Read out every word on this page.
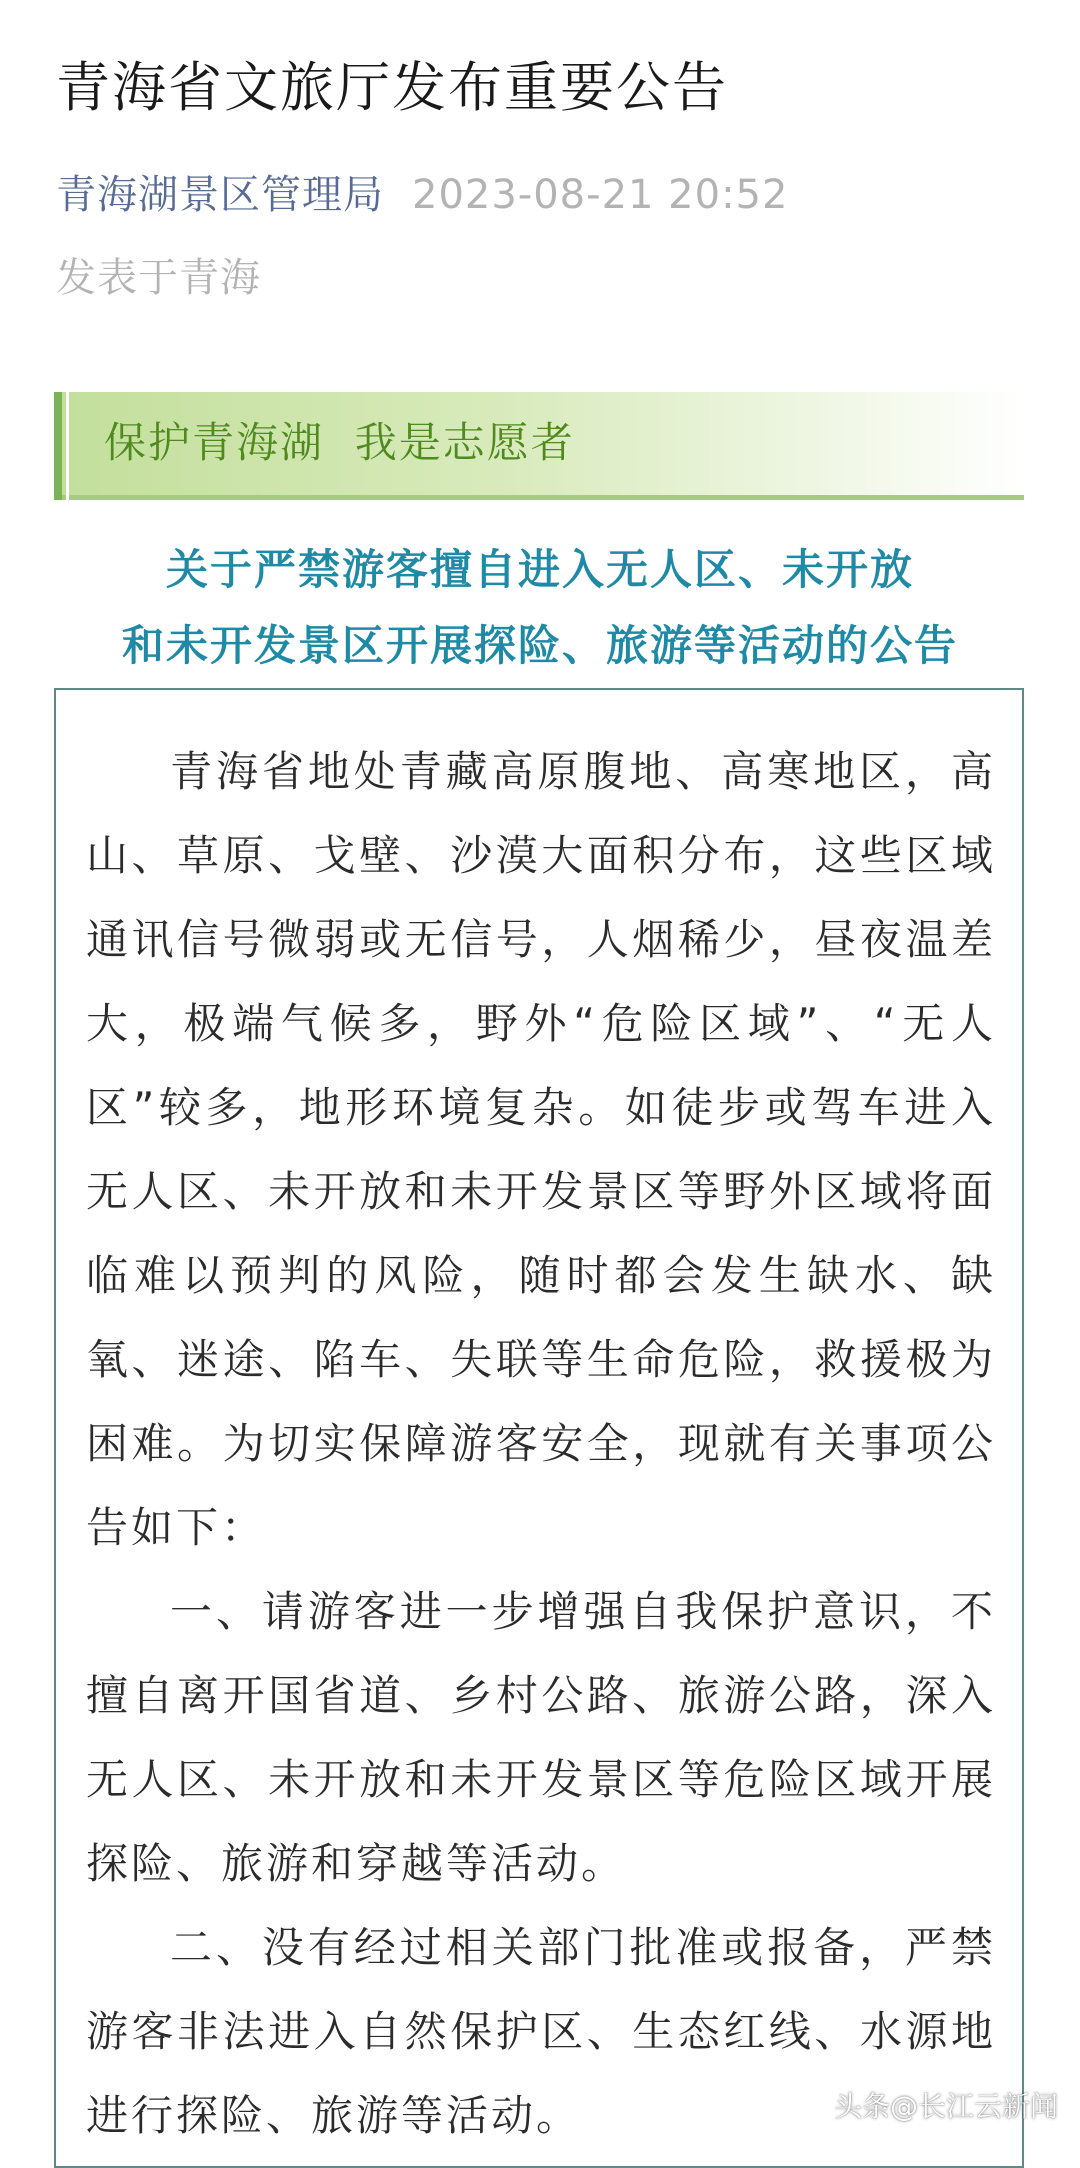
青海省文旅厅发布重要公告
青海湖景区管理局 2023-08-21 20:52
发表于青海
保护青海湖  我是志愿者
关于严禁游客擅自进入无人区、未开放
和未开发景区开展探险、旅游等活动的公告

青海省地处青藏高原腹地、高寒地区，高山、草原、戈壁、沙漠大面积分布，这些区域通讯信号微弱或无信号，人烟稀少，昼夜温差大，极端气候多，野外“危险区域”、“无人区”较多，地形环境复杂。如徒步或驾车进入无人区、未开放和未开发景区等野外区域将面临难以预判的风险，随时都会发生缺水、缺氧、迷途、陷车、失联等生命危险，救援极为困难。为切实保障游客安全，现就有关事项公告如下：

一、请游客进一步增强自我保护意识，不擅自离开国省道、乡村公路、旅游公路，深入无人区、未开放和未开发景区等危险区域开展探险、旅游和穿越等活动。

二、没有经过相关部门批准或报备，严禁游客非法进入自然保护区、生态红线、水源地进行探险、旅游等活动。	头条@长江云新闻
